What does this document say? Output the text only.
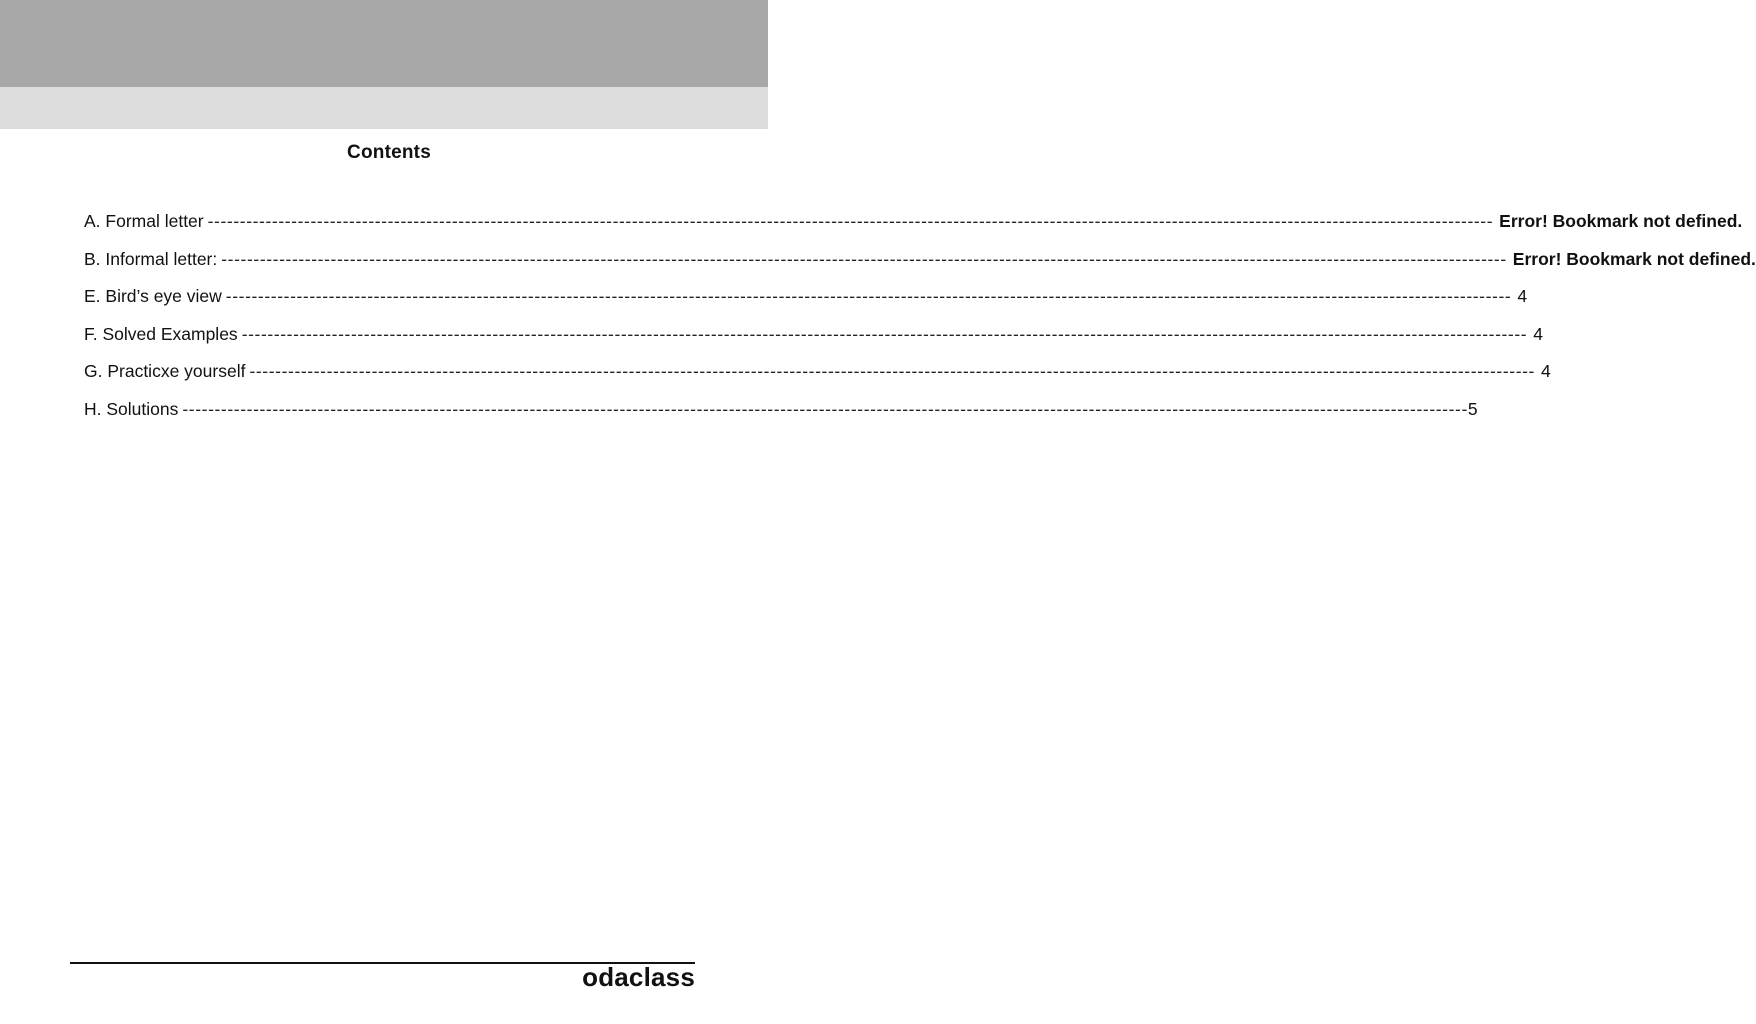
Contents
A. Formal letter -------------------------------------------------------------------------------------------------------------------------------------------------------------------------------------------------------- Error! Bookmark not defined.
B. Informal letter: -------------------------------------------------------------------------------------------------------------------------------------------------------------------------------------------------------- Error! Bookmark not defined.
E. Bird’s eye view -------------------------------------------------------------------------------------------------------------------------------------------------------------------------------------------------------- 4
F. Solved Examples -------------------------------------------------------------------------------------------------------------------------------------------------------------------------------------------------------- 4
G. Practicxe yourself -------------------------------------------------------------------------------------------------------------------------------------------------------------------------------------------------------- 4
H. Solutions -------------------------------------------------------------------------------------------------------------------------------------------------------------------------------------------------------- 5
odaclass
